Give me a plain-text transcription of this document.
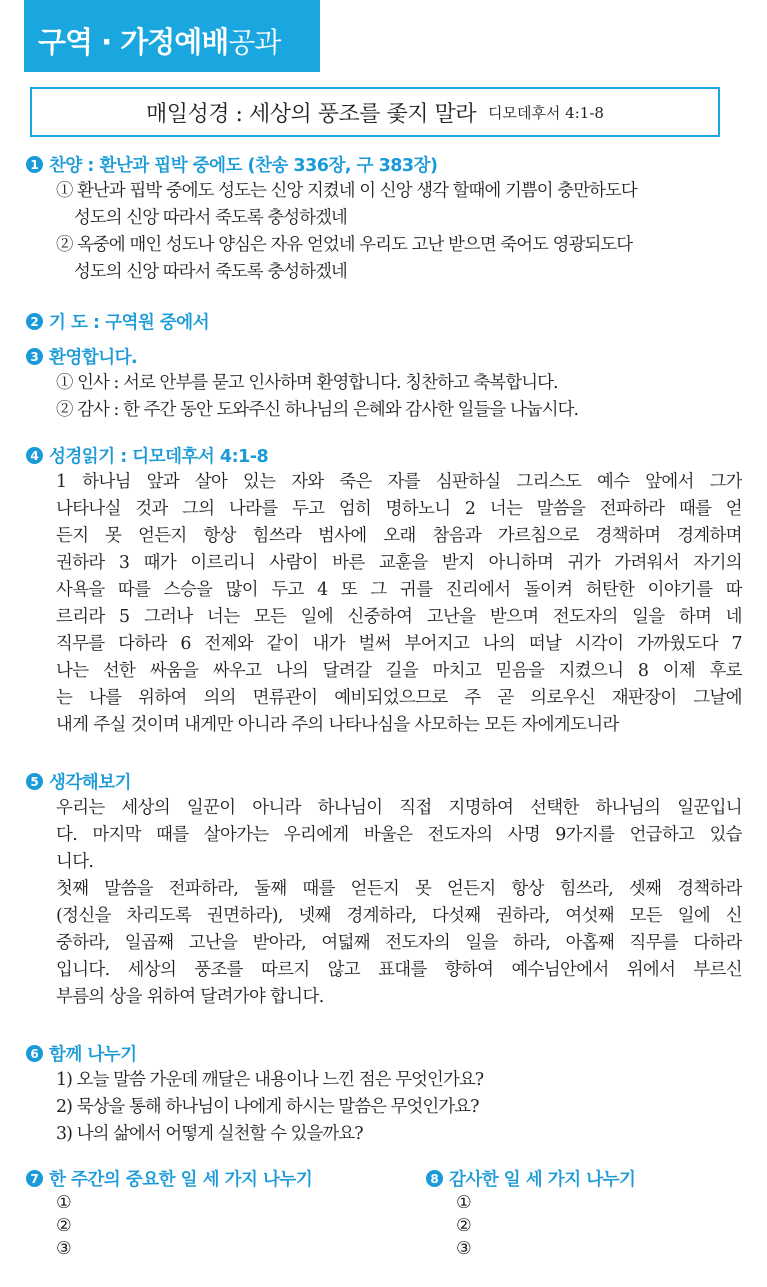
구역 · 가정예배공과
매일성경 : 세상의 풍조를 좇지 말라 디모데후서 4:1-8
1 찬양 : 환난과 핍박 중에도 (찬송 336장, 구 383장)
① 환난과 핍박 중에도 성도는 신앙 지켰네 이 신앙 생각 할때에 기쁨이 충만하도다
성도의 신앙 따라서 죽도록 충성하겠네
② 옥중에 매인 성도나 양심은 자유 얻었네 우리도 고난 받으면 죽어도 영광되도다
성도의 신앙 따라서 죽도록 충성하겠네
2 기 도 : 구역원 중에서
3 환영합니다.
① 인사 : 서로 안부를 묻고 인사하며 환영합니다. 칭찬하고 축복합니다.
② 감사 : 한 주간 동안 도와주신 하나님의 은혜와 감사한 일들을 나눕시다.
4 성경읽기 : 디모데후서 4:1-8
1 하나님 앞과 살아 있는 자와 죽은 자를 심판하실 그리스도 예수 앞에서 그가
나타나실 것과 그의 나라를 두고 엄히 명하노니 2 너는 말씀을 전파하라 때를 얻
든지 못 얻든지 항상 힘쓰라 범사에 오래 참음과 가르침으로 경책하며 경계하며
권하라 3 때가 이르리니 사람이 바른 교훈을 받지 아니하며 귀가 가려워서 자기의
사욕을 따를 스승을 많이 두고 4 또 그 귀를 진리에서 돌이켜 허탄한 이야기를 따
르리라 5 그러나 너는 모든 일에 신중하여 고난을 받으며 전도자의 일을 하며 네
직무를 다하라 6 전제와 같이 내가 벌써 부어지고 나의 떠날 시각이 가까웠도다 7
나는 선한 싸움을 싸우고 나의 달려갈 길을 마치고 믿음을 지켰으니 8 이제 후로
는 나를 위하여 의의 면류관이 예비되었으므로 주 곧 의로우신 재판장이 그날에
내게 주실 것이며 내게만 아니라 주의 나타나심을 사모하는 모든 자에게도니라
5 생각해보기
우리는 세상의 일꾼이 아니라 하나님이 직접 지명하여 선택한 하나님의 일꾼입니
다. 마지막 때를 살아가는 우리에게 바울은 전도자의 사명 9가지를 언급하고 있습
니다.
첫째 말씀을 전파하라, 둘째 때를 얻든지 못 얻든지 항상 힘쓰라, 셋째 경책하라
(정신을 차리도록 권면하라), 넷째 경계하라, 다섯째 권하라, 여섯째 모든 일에 신
중하라, 일곱째 고난을 받아라, 여덟째 전도자의 일을 하라, 아홉째 직무를 다하라
입니다. 세상의 풍조를 따르지 않고 표대를 향하여 예수님안에서 위에서 부르신
부름의 상을 위하여 달려가야 합니다.
6 함께 나누기
1) 오늘 말씀 가운데 깨달은 내용이나 느낀 점은 무엇인가요?
2) 묵상을 통해 하나님이 나에게 하시는 말씀은 무엇인가요?
3) 나의 삶에서 어떻게 실천할 수 있을까요?
7 한 주간의 중요한 일 세 가지 나누기
①
②
③
8 감사한 일 세 가지 나누기
①
②
③
